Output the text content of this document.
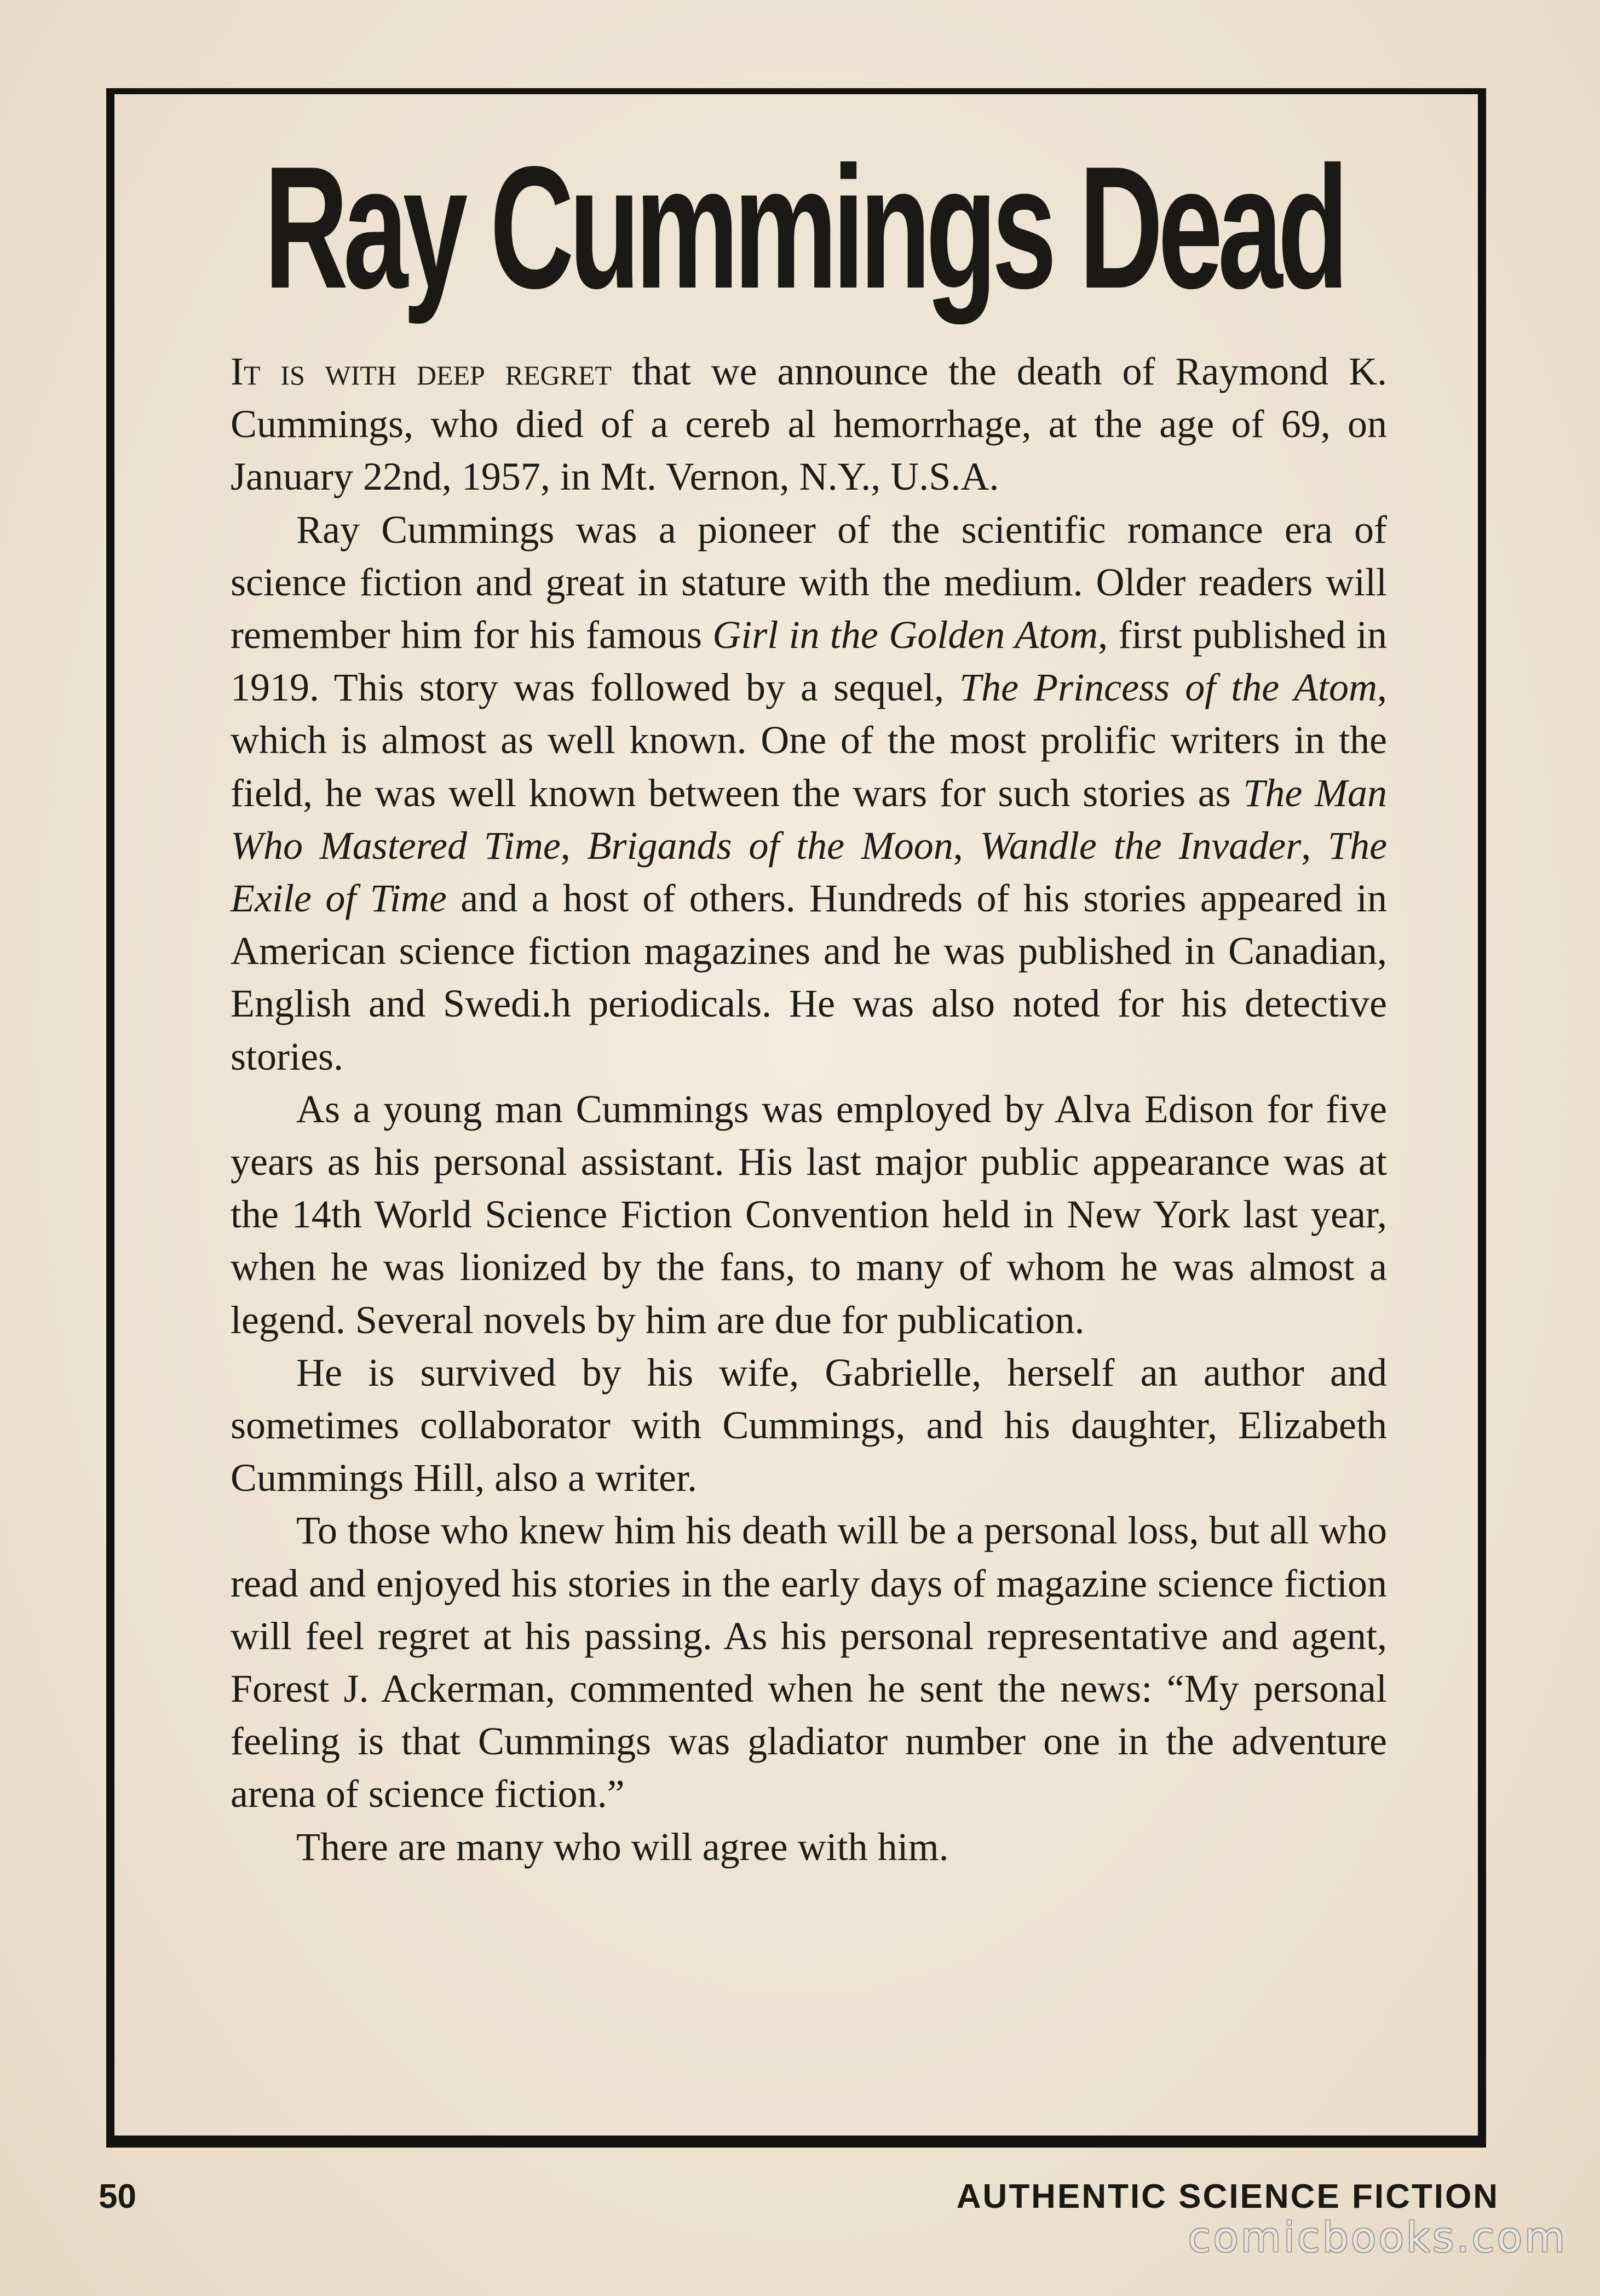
Ray Cummings Dead

It is with deep regret that we announce the death of Raymond K. Cummings, who died of a cereb al hemorrhage, at the age of 69, on January 22nd, 1957, in Mt. Vernon, N.Y., U.S.A.

Ray Cummings was a pioneer of the scientific romance era of science fiction and great in stature with the medium. Older readers will remember him for his famous Girl in the Golden Atom, first published in 1919. This story was followed by a sequel, The Princess of the Atom, which is almost as well known. One of the most prolific writers in the field, he was well known between the wars for such stories as The Man Who Mastered Time, Brigands of the Moon, Wandle the Invader, The Exile of Time and a host of others. Hundreds of his stories appeared in American science fiction magazines and he was published in Canadian, English and Swedi.h periodicals. He was also noted for his detective stories.

As a young man Cummings was employed by Alva Edison for five years as his personal assistant. His last major public appearance was at the 14th World Science Fiction Convention held in New York last year, when he was lionized by the fans, to many of whom he was almost a legend. Several novels by him are due for publication.

He is survived by his wife, Gabrielle, herself an author and sometimes collaborator with Cummings, and his daughter, Elizabeth Cummings Hill, also a writer.

To those who knew him his death will be a personal loss, but all who read and enjoyed his stories in the early days of magazine science fiction will feel regret at his passing. As his personal representative and agent, Forest J. Ackerman, commented when he sent the news: “My personal feeling is that Cummings was gladiator number one in the adventure arena of science fiction.”

There are many who will agree with him.

50	AUTHENTIC SCIENCE FICTION
comicbooks.com
